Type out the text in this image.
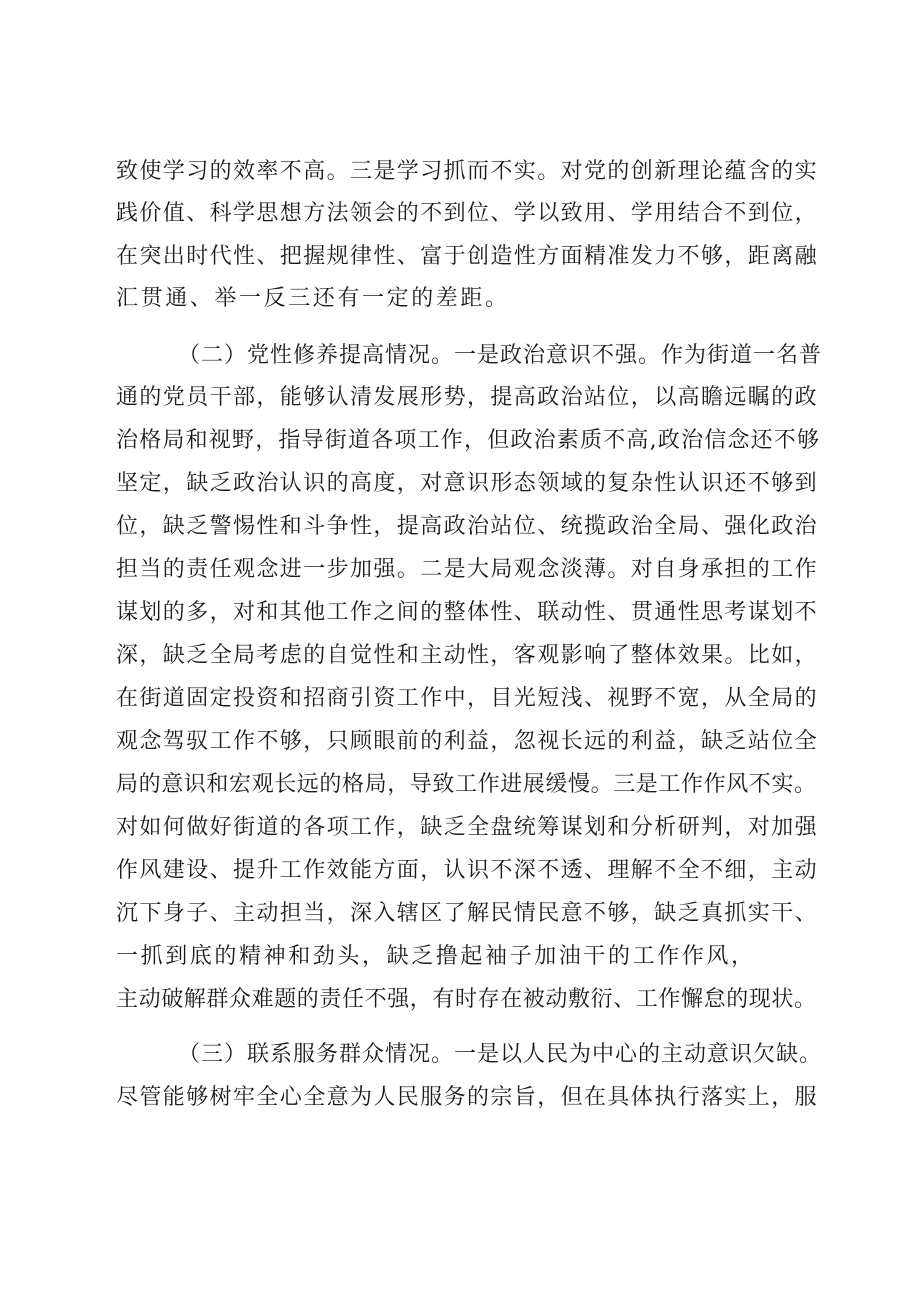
致使学习的效率不高。三是学习抓而不实。对党的创新理论蕴含的实

践价值、科学思想方法领会的不到位、学以致用、学用结合不到位，

在突出时代性、把握规律性、富于创造性方面精准发力不够，距离融

汇贯通、举一反三还有一定的差距。

（二）党性修养提高情况。一是政治意识不强。作为街道一名普

通的党员干部，能够认清发展形势，提高政治站位，以高瞻远瞩的政

治格局和视野，指导街道各项工作，但政治素质不高,政治信念还不够

坚定，缺乏政治认识的高度，对意识形态领域的复杂性认识还不够到

位，缺乏警惕性和斗争性，提高政治站位、统揽政治全局、强化政治

担当的责任观念进一步加强。二是大局观念淡薄。对自身承担的工作

谋划的多，对和其他工作之间的整体性、联动性、贯通性思考谋划不

深，缺乏全局考虑的自觉性和主动性，客观影响了整体效果。比如，

在街道固定投资和招商引资工作中，目光短浅、视野不宽，从全局的

观念驾驭工作不够，只顾眼前的利益，忽视长远的利益，缺乏站位全

局的意识和宏观长远的格局，导致工作进展缓慢。三是工作作风不实。

对如何做好街道的各项工作，缺乏全盘统筹谋划和分析研判，对加强

作风建设、提升工作效能方面，认识不深不透、理解不全不细，主动

沉下身子、主动担当，深入辖区了解民情民意不够，缺乏真抓实干、

一抓到底的精神和劲头，缺乏撸起袖子加油干的工作作风，

主动破解群众难题的责任不强，有时存在被动敷衍、工作懈怠的现状。

（三）联系服务群众情况。一是以人民为中心的主动意识欠缺。

尽管能够树牢全心全意为人民服务的宗旨，但在具体执行落实上，服
